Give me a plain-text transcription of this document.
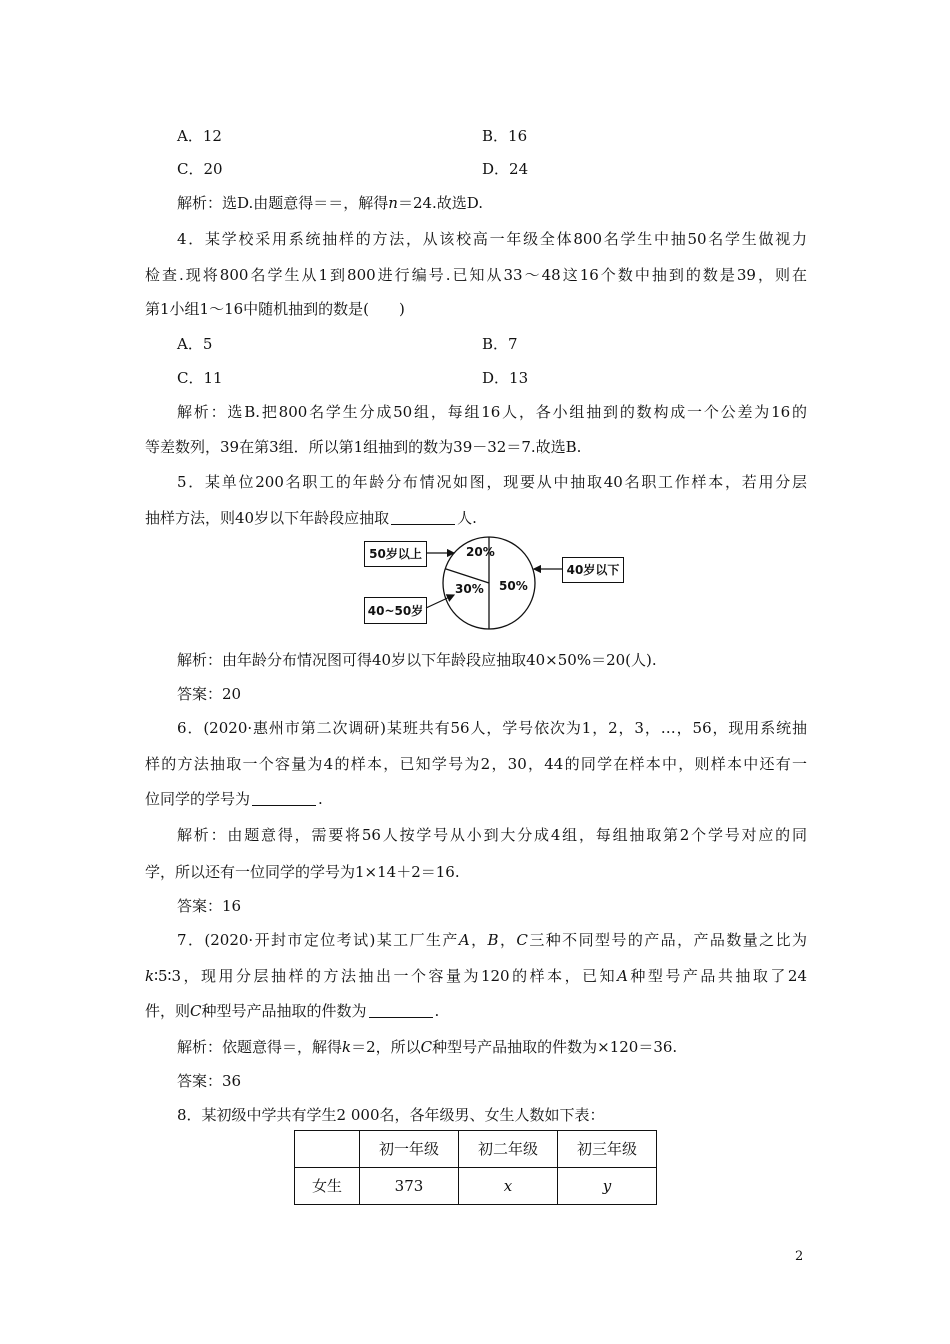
A．12	B．16
C．20	D．24
解析：选D.由题意得＝＝，解得n＝24.故选D.
4．某学校采用系统抽样的方法，从该校高一年级全体800名学生中抽50名学生做视力
检查.现将800名学生从1到800进行编号.已知从33～48这16个数中抽到的数是39，则在
第1小组1～16中随机抽到的数是(　　)
A．5	B．7
C．11	D．13
解析：选B.把800名学生分成50组，每组16人，各小组抽到的数构成一个公差为16的
等差数列，39在第3组．所以第1组抽到的数为39－32＝7.故选B.
5．某单位200名职工的年龄分布情况如图，现要从中抽取40名职工作样本，若用分层
抽样方法，则40岁以下年龄段应抽取	人.
20%
30% 50%
50岁以上
40~50岁
40岁以下
解析：由年龄分布情况图可得40岁以下年龄段应抽取40×50%＝20(人).
答案：20
6．(2020·惠州市第二次调研)某班共有56人，学号依次为1，2，3，…，56，现用系统抽
样的方法抽取一个容量为4的样本，已知学号为2，30，44的同学在样本中，则样本中还有一
位同学的学号为	.
解析：由题意得，需要将56人按学号从小到大分成4组，每组抽取第2个学号对应的同
学，所以还有一位同学的学号为1×14＋2＝16.
答案：16
7．(2020·开封市定位考试)某工厂生产A，B，C三种不同型号的产品，产品数量之比为
k∶5∶3，现用分层抽样的方法抽出一个容量为120的样本，已知A种型号产品共抽取了24
件，则C种型号产品抽取的件数为	.
解析：依题意得＝，解得k＝2，所以C种型号产品抽取的件数为×120＝36.
答案：36
8．某初级中学共有学生2 000名，各年级男、女生人数如下表：
	初一年级	初二年级	初三年级
女生	373	x	y
2
